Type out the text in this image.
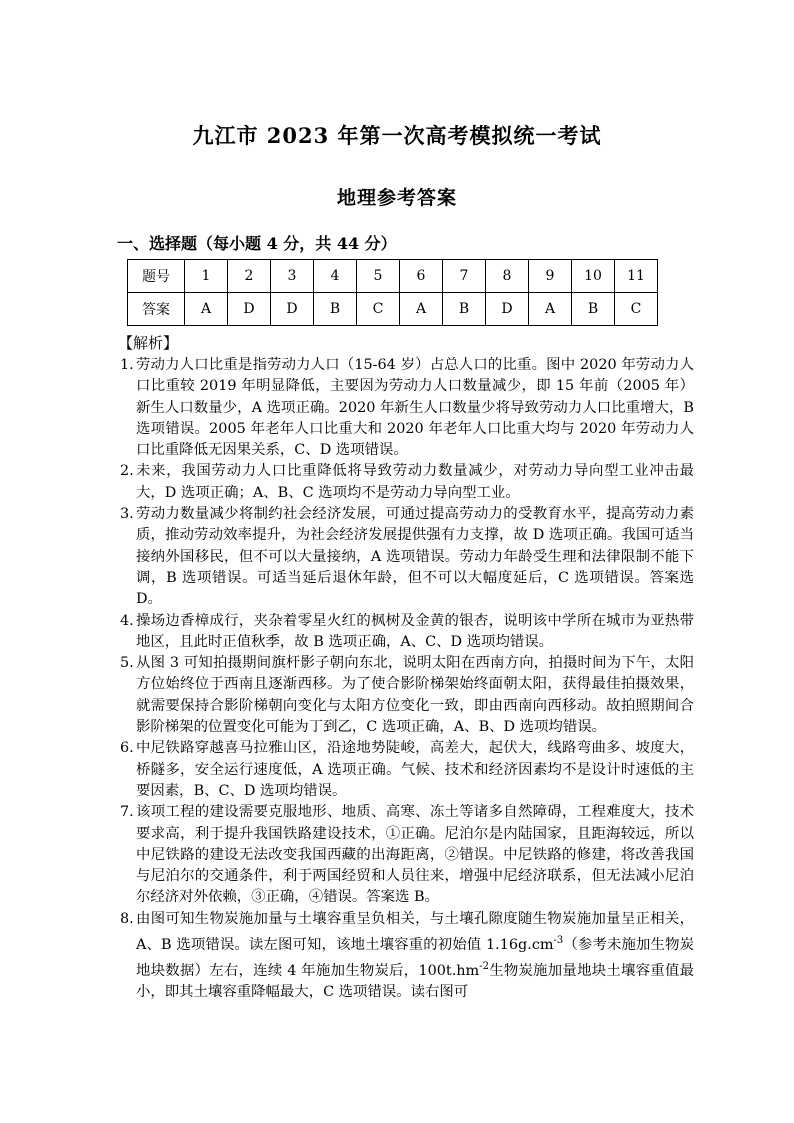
九江市 2023 年第一次高考模拟统一考试
地理参考答案
一、选择题（每小题 4 分，共 44 分）
题号	1	2	3	4	5	6	7	8	9	10	11
答案	A	D	D	B	C	A	B	D	A	B	C
【解析】
1. 劳动力人口比重是指劳动力人口（15-64 岁）占总人口的比重。图中 2020 年劳动力人口比重较 2019 年明显降低，主要因为劳动力人口数量减少，即 15 年前（2005 年）新生人口数量少，A 选项正确。2020 年新生人口数量少将导致劳动力人口比重增大，B 选项错误。2005 年老年人口比重大和 2020 年老年人口比重大均与 2020 年劳动力人口比重降低无因果关系，C、D 选项错误。
2. 未来，我国劳动力人口比重降低将导致劳动力数量减少，对劳动力导向型工业冲击最大，D 选项正确；A、B、C 选项均不是劳动力导向型工业。
3. 劳动力数量减少将制约社会经济发展，可通过提高劳动力的受教育水平，提高劳动力素质，推动劳动效率提升，为社会经济发展提供强有力支撑，故 D 选项正确。我国可适当接纳外国移民，但不可以大量接纳，A 选项错误。劳动力年龄受生理和法律限制不能下调，B 选项错误。可适当延后退休年龄，但不可以大幅度延后，C 选项错误。答案选 D。
4. 操场边香樟成行，夹杂着零星火红的枫树及金黄的银杏，说明该中学所在城市为亚热带地区，且此时正值秋季，故 B 选项正确，A、C、D 选项均错误。
5. 从图 3 可知拍摄期间旗杆影子朝向东北，说明太阳在西南方向，拍摄时间为下午，太阳方位始终位于西南且逐渐西移。为了使合影阶梯架始终面朝太阳，获得最佳拍摄效果，就需要保持合影阶梯朝向变化与太阳方位变化一致，即由西南向西移动。故拍照期间合影阶梯架的位置变化可能为丁到乙，C 选项正确，A、B、D 选项均错误。
6. 中尼铁路穿越喜马拉雅山区，沿途地势陡峻，高差大，起伏大，线路弯曲多、坡度大，桥隧多，安全运行速度低，A 选项正确。气候、技术和经济因素均不是设计时速低的主要因素，B、C、D 选项均错误。
7. 该项工程的建设需要克服地形、地质、高寒、冻土等诸多自然障碍，工程难度大，技术要求高，利于提升我国铁路建设技术，①正确。尼泊尔是内陆国家，且距海较远，所以中尼铁路的建设无法改变我国西藏的出海距离，②错误。中尼铁路的修建，将改善我国与尼泊尔的交通条件，利于两国经贸和人员往来，增强中尼经济联系，但无法减小尼泊尔经济对外依赖，③正确，④错误。答案选 B。
8. 由图可知生物炭施加量与土壤容重呈负相关，与土壤孔隙度随生物炭施加量呈正相关，A、B 选项错误。读左图可知，该地土壤容重的初始值 $1.16g.cm^{-3}$（参考未施加生物炭地块数据）左右，连续 4 年施加生物炭后，$100t.hm^{-2}$生物炭施加量地块土壤容重值最小，即其土壤容重降幅最大，C 选项错误。读右图可
